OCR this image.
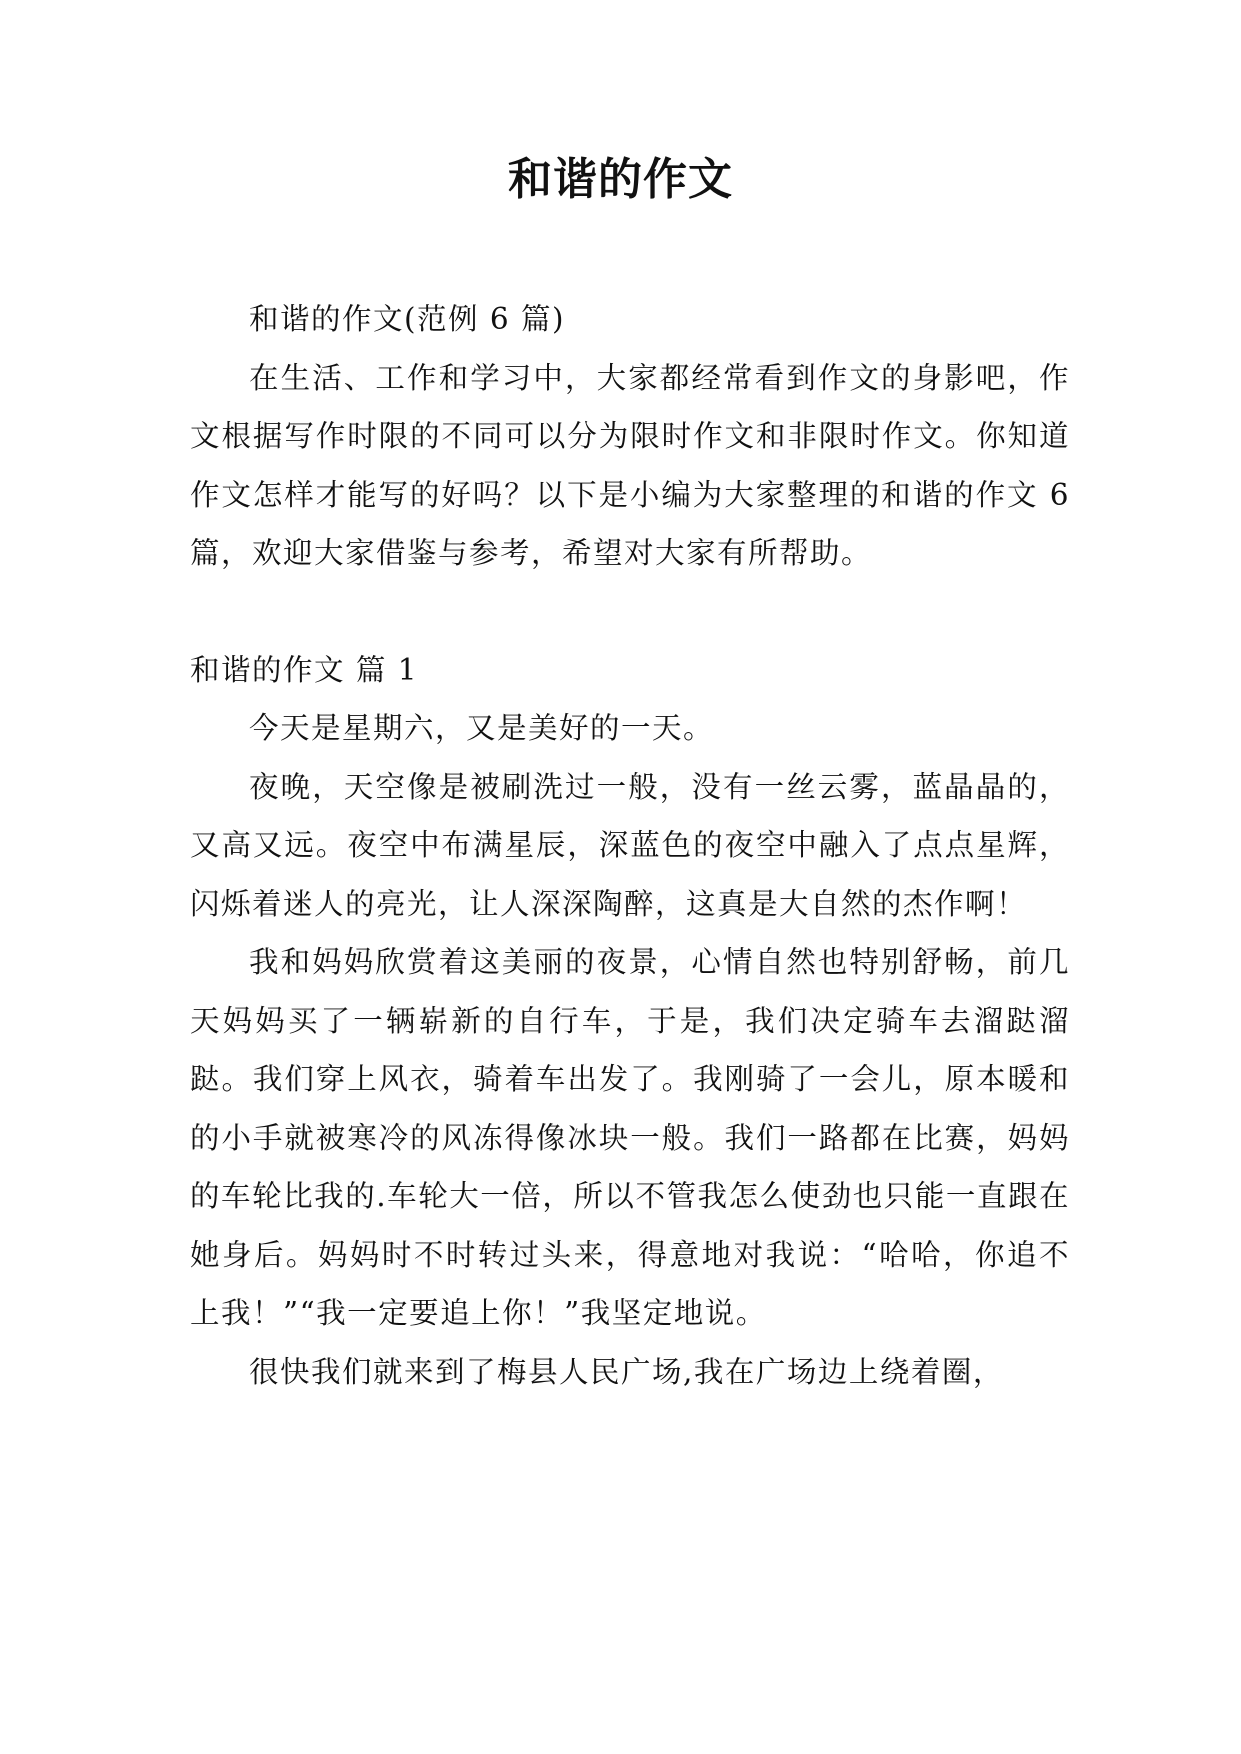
和谐的作文

和谐的作文(范例 6 篇)

在生活、工作和学习中，大家都经常看到作文的身影吧，作文根据写作时限的不同可以分为限时作文和非限时作文。你知道作文怎样才能写的好吗？以下是小编为大家整理的和谐的作文 6 篇，欢迎大家借鉴与参考，希望对大家有所帮助。

和谐的作文 篇 1

今天是星期六，又是美好的一天。

夜晚，天空像是被刷洗过一般，没有一丝云雾，蓝晶晶的，又高又远。夜空中布满星辰，深蓝色的夜空中融入了点点星辉，闪烁着迷人的亮光，让人深深陶醉，这真是大自然的杰作啊！

我和妈妈欣赏着这美丽的夜景，心情自然也特别舒畅，前几天妈妈买了一辆崭新的自行车，于是，我们决定骑车去溜跶溜跶。我们穿上风衣，骑着车出发了。我刚骑了一会儿，原本暖和的小手就被寒冷的风冻得像冰块一般。我们一路都在比赛，妈妈的车轮比我的.车轮大一倍，所以不管我怎么使劲也只能一直跟在她身后。妈妈时不时转过头来，得意地对我说：“哈哈，你追不上我！”“我一定要追上你！”我坚定地说。

很快我们就来到了梅县人民广场,我在广场边上绕着圈，
